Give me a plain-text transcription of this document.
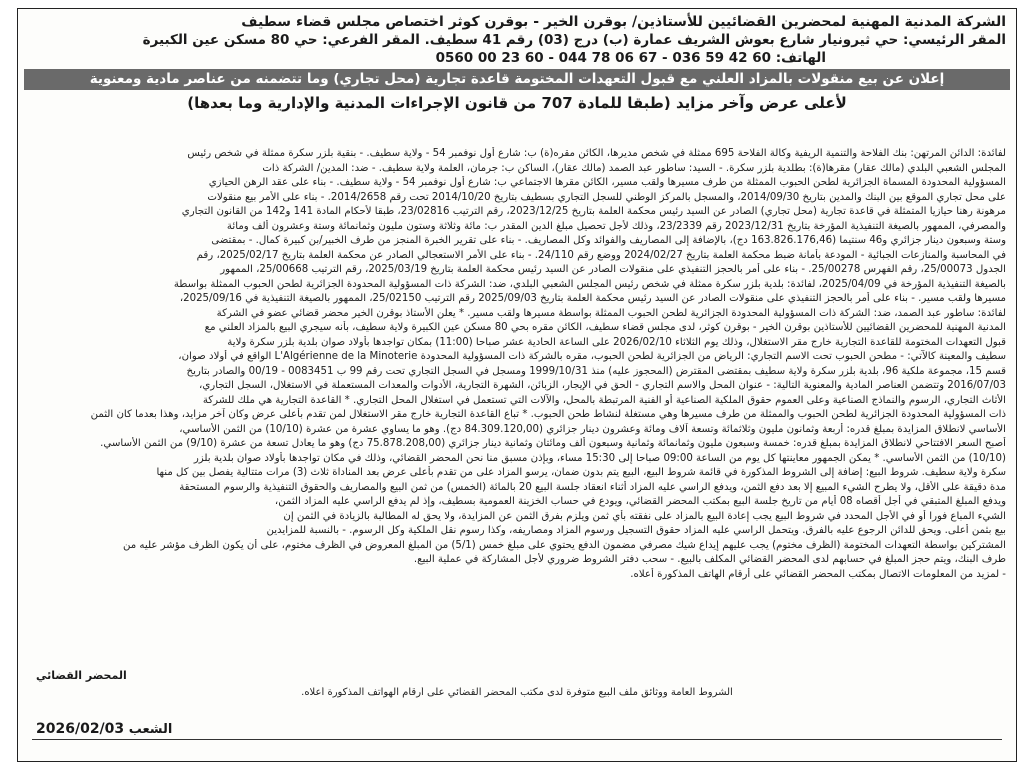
الشركة المدنية المهنية لمحضرين القضائيين للأستاذين/ بوقرن الخير - بوقرن كوثر اختصاص مجلس قضاء سطيف
المقر الرئيسي: حي ثيرونيار شارع بعوش الشريف عمارة (ب) درج (03) رقم 41 سطيف. المقر الفرعي: حي 80 مسكن عين الكبيرة
الهاتف: 60 42 59 036 - 67 06 78 044 - 60 23 00 0560
إعلان عن بيع منقولات بالمزاد العلني مع قبول التعهدات المختومة قاعدة تجارية (محل تجاري) وما تتضمنه من عناصر مادية ومعنوية
لأعلى عرض وآخر مزايد (طبقا للمادة 707 من قانون الإجراءات المدنية والإدارية وما بعدها)

لفائدة: الدائن المرتهن: بنك الفلاحة والتنمية الريفية وكالة الفلاحة 695 ممثلة في شخص مديرها، الكائن مقره(ة) ب: شارع أول نوفمبر 54 - ولاية سطيف. - بنقية بلزر سكرة ممثلة في شخص رئيس
المجلس الشعبي البلدي (مالك عقار) مقرها(ة): بطلدية بلزر سكرة. - السيد: ساطور عبد الصمد (مالك عقار)، الساكن ب: جرمان، العلمة ولاية سطيف. - ضد: المدين/ الشركة ذات
المسؤولية المحدودة المسماة الجزائرية لطحن الحبوب الممثلة من طرف مسيرها ولقب مسير، الكائن مقرها الاجتماعي ب: شارع أول نوفمبر 54 - ولاية سطيف. - بناء على عقد الرهن الحيازي
على محل تجاري الموقع بين البنك والمدين بتاريخ 2014/09/30، والمسجل بالمركز الوطني للسجل التجاري بسطيف بتاريخ 2014/10/20 تحت رقم 2014/2658. - بناء على الأمر بيع منقولات
مرهونة رهنا حيازيا المتمثلة في قاعدة تجارية (محل تجاري) الصادر عن السيد رئيس محكمة العلمة بتاريخ 2023/12/25، رقم الترتيب 23/02816، طبقا لأحكام المادة 141 و142 من القانون التجاري
والمصرفي، الممهور بالصيغة التنفيذية المؤرخة بتاريخ 2023/12/31 رقم 23/2339، وذلك لأجل تحصيل مبلغ الدين المقدر ب: مائة وثلاثة وستون مليون وثمانمائة وستة وعشرون ألف ومائة
وستة وسبعون دينار جزائري و46 سنتيما (163.826.176,46 دج)، بالإضافة إلى المصاريف والفوائد وكل المصاريف. - بناء على تقرير الخبرة المنجز من طرف الخبير/بن كبيرة كمال. - بمقتضى
في المحاسبة والمنازعات الجبائية - المودعة بأمانة ضبط محكمة العلمة بتاريخ 2024/02/27 ووضع رقم 24/110. - بناء على الأمر الاستعجالي الصادر عن محكمة العلمة بتاريخ 2025/02/17، رقم
الجدول 25/00073، رقم الفهرس 25/00278. - بناء على أمر بالحجز التنفيذي على منقولات الصادر عن السيد رئيس محكمة العلمة بتاريخ 2025/03/19، رقم الترتيب 25/00668، الممهور
بالصيغة التنفيذية المؤرخة في 2025/04/09، لفائدة: بلدية بلزر سكرة ممثلة في شخص رئيس المجلس الشعبي البلدي، ضد: الشركة ذات المسؤولية المحدودة الجزائرية لطحن الحبوب الممثلة بواسطة
مسيرها ولقب مسير. - بناء على أمر بالحجز التنفيذي على منقولات الصادر عن السيد رئيس محكمة العلمة بتاريخ 2025/09/03 رقم الترتيب 25/02150، الممهور بالصيغة التنفيذية في 2025/09/16،
لفائدة: ساطور عبد الصمد، ضد: الشركة ذات المسؤولية المحدودة الجزائرية لطحن الحبوب الممثلة بواسطة مسيرها ولقب مسير. * يعلن الأستاذ بوقرن الخير محضر قضائي عضو في الشركة
المدنية المهنية للمحضرين القضائيين للأستاذين بوقرن الخير - بوقرن كوثر، لدى مجلس قضاء سطيف، الكائن مقره بحي 80 مسكن عين الكبيرة ولاية سطيف، بأنه سيجري البيع بالمزاد العلني مع
قبول التعهدات المختومة للقاعدة التجارية خارج مقر الاستغلال، وذلك يوم الثلاثاء 2026/02/10 على الساعة الحادية عشر صباحا (11:00) بمكان تواجدها بأولاد صوان بلدية بلزر سكرة ولاية
سطيف والمعينة كالآتي: - مطحن الحبوب تحت الاسم التجاري: الرياض من الجزائرية لطحن الحبوب، مقره بالشركة ذات المسؤولية المحدودة L'Algérienne de la Minoterie الواقع في أولاد صوان،
قسم 15، مجموعة ملكية 96، بلدية بلزر سكرة ولاية سطيف بمقتضى المقترض (المحجوز عليه) منذ 1999/10/31 ومسجل في السجل التجاري تحت رقم 99 ب 0083451 - 00/19 والصادر بتاريخ
2016/07/03 وتتضمن العناصر المادية والمعنوية التالية: - عنوان المحل والاسم التجاري - الحق في الإيجار، الزبائن، الشهرة التجارية، الأدوات والمعدات المستعملة في الاستغلال، السجل التجاري،
الأثاث التجاري، الرسوم والنماذج الصناعية وعلى العموم حقوق الملكية الصناعية أو الفنية المرتبطة بالمحل، والآلات التي تستعمل في استغلال المحل التجاري. * القاعدة التجارية هي ملك للشركة
ذات المسؤولية المحدودة الجزائرية لطحن الحبوب والممثلة من طرف مسيرها وهي مستغلة لنشاط طحن الحبوب. * تباع القاعدة التجارية خارج مقر الاستغلال لمن تقدم بأعلى عرض وكان آخر مزايد، وهذا بعدما كان الثمن
الأساسي لانطلاق المزايدة بمبلغ قدره: أربعة وثمانون مليون وثلاثمائة وتسعة آلاف ومائة وعشرون دينار جزائري (84.309.120,00 دج). وهو ما يساوي عشرة من عشرة (10/10) من الثمن الأساسي،
أصبح السعر الافتتاحي لانطلاق المزايدة بمبلغ قدره: خمسة وسبعون مليون وثمانمائة وثمانية وسبعون ألف ومائتان وثمانية دينار جزائري (75.878.208,00 دج) وهو ما يعادل تسعة من عشرة (9/10) من الثمن الأساسي.
(10/10) من الثمن الأساسي. * يمكن الجمهور معاينتها كل يوم من الساعة 09:00 صباحا إلى 15:30 مساء، وبإذن مسبق منا نحن المحضر القضائي، وذلك في مكان تواجدها بأولاد صوان بلدية بلزر
سكرة ولاية سطيف. شروط البيع: إضافة إلى الشروط المذكورة في قائمة شروط البيع، البيع يتم بدون ضمان، يرسو المزاد على من تقدم بأعلى عرض بعد المناداة ثلاث (3) مرات متتالية يفصل بين كل منها
مدة دقيقة على الأقل، ولا يطرح الشيء المبيع إلا بعد دفع الثمن، ويدفع الراسي عليه المزاد أثناء انعقاد جلسة البيع 20 بالمائة (الخمس) من ثمن البيع والمصاريف والحقوق التنفيذية والرسوم المستحقة
ويدفع المبلغ المتبقي في أجل أقصاه 08 أيام من تاريخ جلسة البيع بمكتب المحضر القضائي، ويودع في حساب الخزينة العمومية بسطيف، وإذ لم يدفع الراسي عليه المزاد الثمن،
الشيء المباع فورا أو في الأجل المحدد في شروط البيع يجب إعادة البيع بالمزاد على نفقته بأي ثمن ويلزم بفرق الثمن عن المزايدة، ولا يحق له المطالبة بالزيادة في الثمن إن
بيع بثمن أعلى. ويحق للدائن الرجوع عليه بالفرق. ويتحمل الراسي عليه المزاد حقوق التسجيل ورسوم المزاد ومصاريفه، وكذا رسوم نقل الملكية وكل الرسوم. - بالنسبة للمزايدين
المشتركين بواسطة التعهدات المختومة (الظرف مختوم) يجب عليهم إيداع شيك مصرفي مضمون الدفع يحتوي على مبلغ خمس (5/1) من المبلغ المعروض في الظرف مختوم، على أن يكون الظرف مؤشر عليه من
طرف البنك، ويتم حجز المبلغ في حسابهم لدى المحضر القضائي المكلف بالبيع. - سحب دفتر الشروط ضروري لأجل المشاركة في عملية البيع.
- لمزيد من المعلومات الاتصال بمكتب المحضر القضائي على أرقام الهاتف المذكورة أعلاه.

المحضر القضائي
الشروط العامة ووثائق ملف البيع متوفرة لدى مكتب المحضر القضائي على أرقام الهواتف المذكورة أعلاه.
2026/02/03 الشعب
